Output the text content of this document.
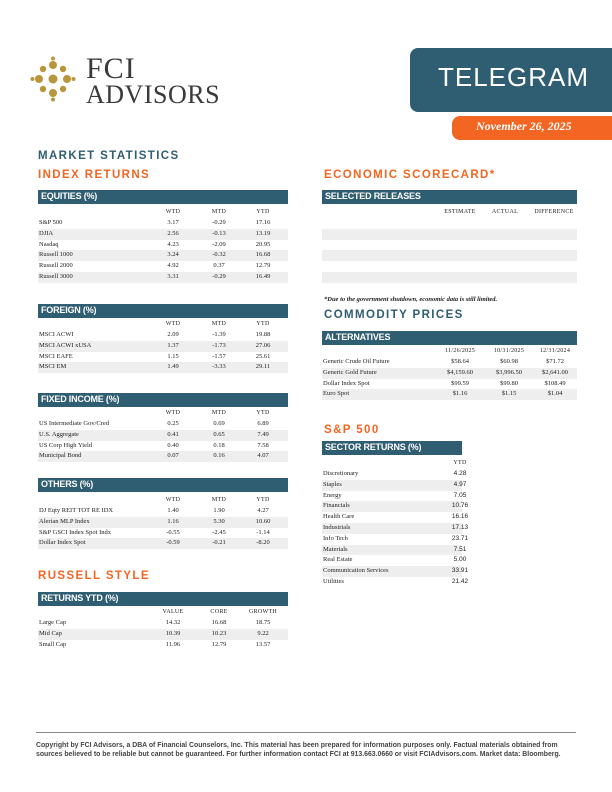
FCI
ADVISORS
TELEGRAM
November 26, 2025
MARKET STATISTICS
INDEX RETURNS
EQUITIES (%)
WTD	MTD	YTD
S&P 500	3.17	-0.29	17.16
DJIA	2.56	-0.13	13.19
Nasdaq	4.23	-2.09	20.95
Russell 1000	3.24	-0.32	16.68
Russell 2000	4.92	0.37	12.79
Russell 3000	3.31	-0.29	16.49
FOREIGN (%)
WTD	MTD	YTD
MSCI ACWI	2.09	-1.39	19.88
MSCI ACWI xUSA	1.37	-1.73	27.06
MSCI EAFE	1.15	-1.57	25.61
MSCI EM	1.49	-3.33	29.11
FIXED INCOME (%)
WTD	MTD	YTD
US Intermediate Gov/Cred	0.25	0.69	6.89
U.S. Aggregate	0.41	0.65	7.49
US Corp High Yield	0.40	0.18	7.58
Municipal Bond	0.07	0.16	4.07
OTHERS (%)
WTD	MTD	YTD
DJ Eqty REIT TOT RE IDX	1.40	1.90	4.27
Alerian MLP Index	1.16	5.30	10.60
S&P GSCI Index Spot Indx	-0.55	-2.45	-1.14
Dollar Index Spot	-0.59	-0.21	-8.20
RUSSELL STYLE
RETURNS YTD (%)
VALUE	CORE	GROWTH
Large Cap	14.32	16.68	18.75
Mid Cap	10.39	10.23	9.22
Small Cap	11.96	12.79	13.57
ECONOMIC SCORECARD*
SELECTED RELEASES
ESTIMATE	ACTUAL	DIFFERENCE
*Due to the government shutdown, economic data is still limited.
COMMODITY PRICES
ALTERNATIVES
11/26/2025	10/31/2025	12/31/2024
Generic Crude Oil Future	$58.64	$60.98	$71.72
Generic Gold Future	$4,159.60	$3,996.50	$2,641.00
Dollar Index Spot	$99.59	$99.80	$108.49
Euro Spot	$1.16	$1.15	$1.04
S&P 500
SECTOR RETURNS (%)
YTD
Discretionary	4.28
Staples	4.97
Energy	7.05
Financials	10.76
Health Care	16.16
Industrials	17.13
Info Tech	23.71
Materials	7.51
Real Estate	5.00
Communication Services	33.91
Utilities	21.42
Copyright by FCI Advisors, a DBA of Financial Counselors, Inc. This material has been prepared for information purposes only. Factual materials obtained from sources believed to be reliable but cannot be guaranteed. For further information contact FCI at 913.663.0660 or visit FCIAdvisors.com. Market data: Bloomberg.
